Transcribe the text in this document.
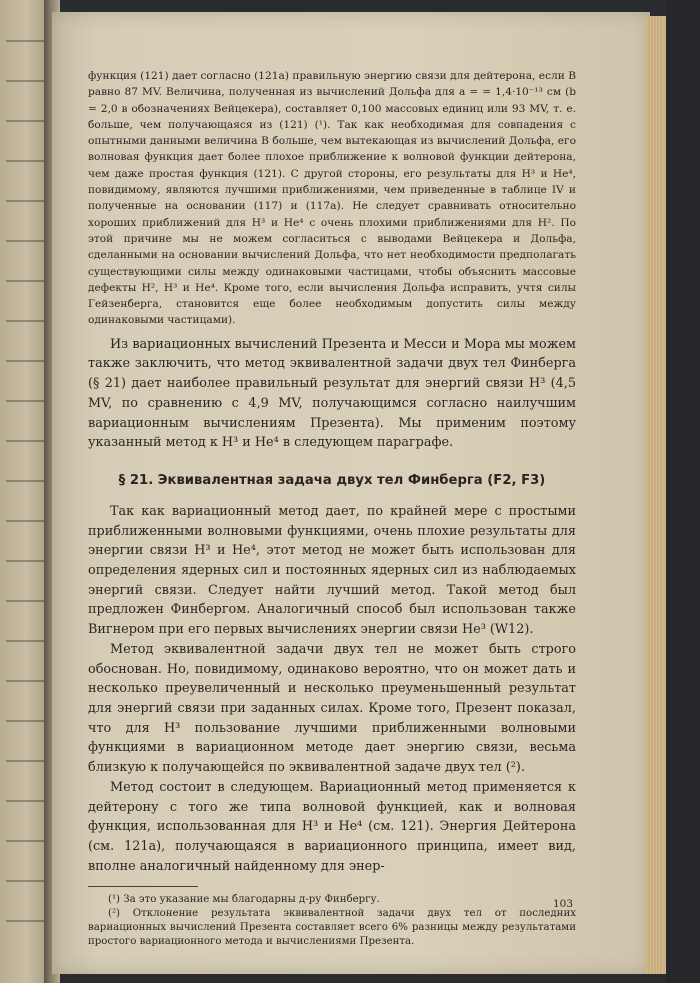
функция (121) дает согласно (121a) правильную энергию связи для дейтерона, если B равно 87 MV. Величина, полученная из вычислений Дольфа для a = = 1,4·10⁻¹³ см (b = 2,0 в обозначениях Вейцекера), составляет 0,100 массовых единиц или 93 MV, т. е. больше, чем получающаяся из (121) (¹). Так как необходимая для совпадения с опытными данными величина B больше, чем вытекающая из вычислений Дольфа, его волновая функция дает более плохое приближение к волновой функции дейтерона, чем даже простая функция (121). С другой стороны, его результаты для H³ и He⁴, повидимому, являются лучшими приближениями, чем приведенные в таблице IV и полученные на основании (117) и (117a). Не следует сравнивать относительно хороших приближений для H³ и He⁴ с очень плохими приближениями для H². По этой причине мы не можем согласиться с выводами Вейцекера и Дольфа, сделанными на основании вычислений Дольфа, что нет необходимости предполагать существующими силы между одинаковыми частицами, чтобы объяснить массовые дефекты H², H³ и He⁴. Кроме того, если вычисления Дольфа исправить, учтя силы Гейзенберга, становится еще более необходимым допустить силы между одинаковыми частицами).

Из вариационных вычислений Презента и Месси и Мора мы можем также заключить, что метод эквивалентной задачи двух тел Финберга (§ 21) дает наиболее правильный результат для энергий связи H³ (4,5 MV, по сравнению с 4,9 MV, получающимся согласно наилучшим вариационным вычислениям Презента). Мы применим поэтому указанный метод к H³ и He⁴ в следующем параграфе.

§ 21. Эквивалентная задача двух тел Финберга (F2, F3)

Так как вариационный метод дает, по крайней мере с простыми приближенными волновыми функциями, очень плохие результаты для энергии связи H³ и He⁴, этот метод не может быть использован для определения ядерных сил и постоянных ядерных сил из наблюдаемых энергий связи. Следует найти лучший метод. Такой метод был предложен Финбергом. Аналогичный способ был использован также Вигнером при его первых вычислениях энергии связи He³ (W12).

Метод эквивалентной задачи двух тел не может быть строго обоснован. Но, повидимому, одинаково вероятно, что он может дать и несколько преувеличенный и несколько преуменьшенный результат для энергий связи при заданных силах. Кроме того, Презент показал, что для H³ пользование лучшими приближенными волновыми функциями в вариационном методе дает энергию связи, весьма близкую к получающейся по эквивалентной задаче двух тел (²).

Метод состоит в следующем. Вариационный метод применяется к дейтерону с того же типа волновой функцией, как и волновая функция, использованная для H³ и He⁴ (см. 121). Энергия Дейтерона (см. 121a), получающаяся в вариационного принципа, имеет вид, вполне аналогичный найденному для энер-

(¹) За это указание мы благодарны д-ру Финбергу.

(²) Отклонение результата эквивалентной задачи двух тел от последних вариационных вычислений Презента составляет всего 6% разницы между результатами простого вариационного метода и вычислениями Презента.

103
